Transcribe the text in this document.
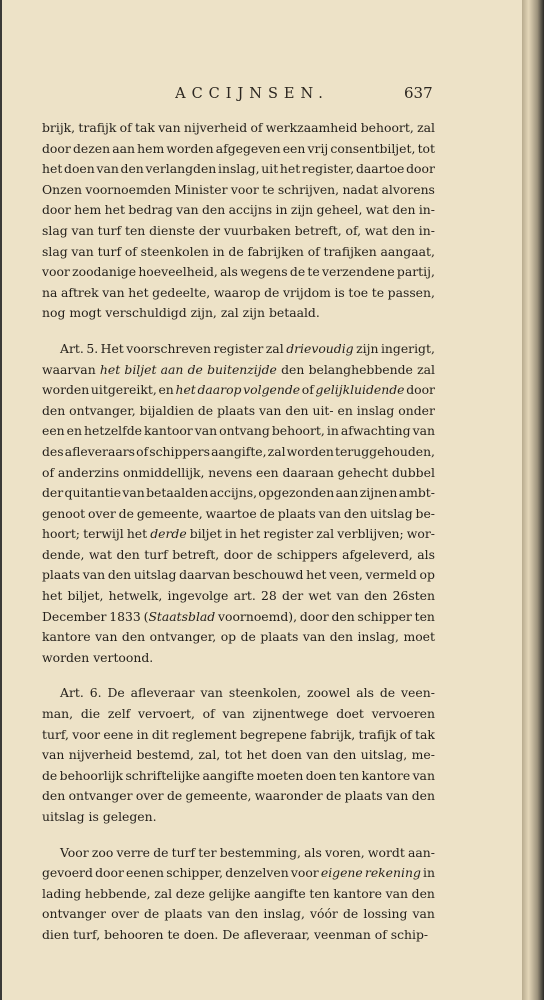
ACCIJNSEN.	637
brijk, trafijk of tak van nijverheid of werkzaamheid behoort, zal
door dezen aan hem worden afgegeven een vrij consentbiljet, tot
het doen van den verlangden inslag, uit het register, daartoe door
Onzen voornoemden Minister voor te schrijven, nadat alvorens
door hem het bedrag van den accijns in zijn geheel, wat den in-
slag van turf ten dienste der vuurbaken betreft, of, wat den in-
slag van turf of steenkolen in de fabrijken of trafijken aangaat,
voor zoodanige hoeveelheid, als wegens de te verzendene partij,
na aftrek van het gedeelte, waarop de vrijdom is toe te passen,
nog mogt verschuldigd zijn, zal zijn betaald.
Art. 5. Het voorschreven register zal drievoudig zijn ingerigt,
waarvan het biljet aan de buitenzijde den belanghebbende zal
worden uitgereikt, en het daarop volgende of gelijkluidende door
den ontvanger, bijaldien de plaats van den uit- en inslag onder
een en hetzelfde kantoor van ontvang behoort, in afwachting van
des afleveraars of schippers aangifte, zal worden teruggehouden,
of anderzins onmiddellijk, nevens een daaraan gehecht dubbel
der quitantie van betaalden accijns, opgezonden aan zijnen ambt-
genoot over de gemeente, waartoe de plaats van den uitslag be-
hoort; terwijl het derde biljet in het register zal verblijven; wor-
dende, wat den turf betreft, door de schippers afgeleverd, als
plaats van den uitslag daarvan beschouwd het veen, vermeld op
het biljet, hetwelk, ingevolge art. 28 der wet van den 26sten
December 1833 (Staatsblad voornoemd), door den schipper ten
kantore van den ontvanger, op de plaats van den inslag, moet
worden vertoond.
Art. 6. De afleveraar van steenkolen, zoowel als de veen-
man, die zelf vervoert, of van zijnentwege doet vervoeren
turf, voor eene in dit reglement begrepene fabrijk, trafijk of tak
van nijverheid bestemd, zal, tot het doen van den uitslag, me-
de behoorlijk schriftelijke aangifte moeten doen ten kantore van
den ontvanger over de gemeente, waaronder de plaats van den
uitslag is gelegen.
Voor zoo verre de turf ter bestemming, als voren, wordt aan-
gevoerd door eenen schipper, denzelven voor eigene rekening in
lading hebbende, zal deze gelijke aangifte ten kantore van den
ontvanger over de plaats van den inslag, vóór de lossing van
dien turf, behooren te doen. De afleveraar, veenman of schip-
